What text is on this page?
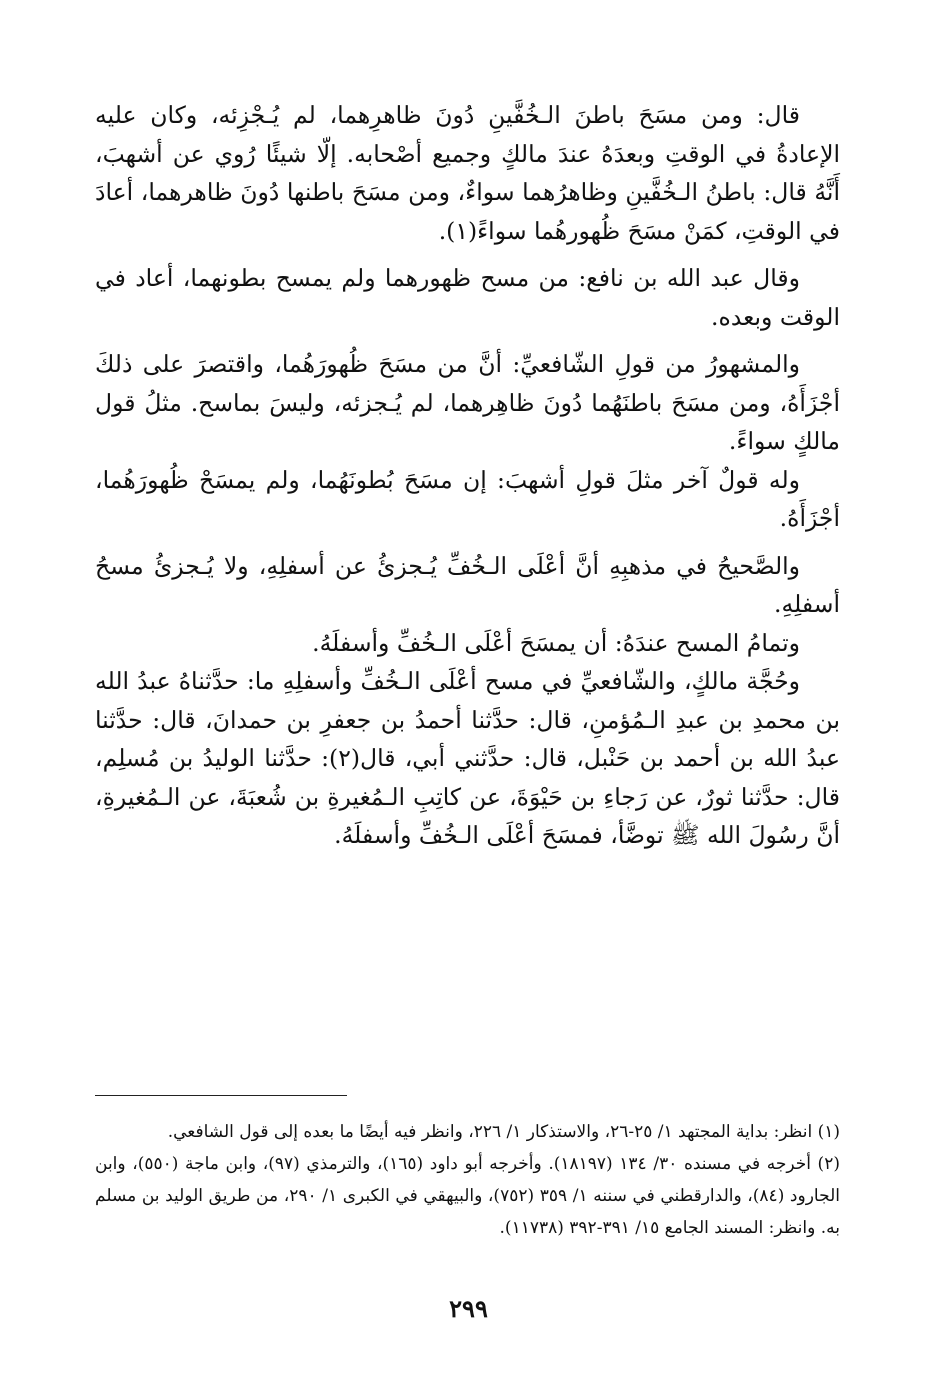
قال: ومن مسَحَ باطنَ الـخُفَّينِ دُونَ ظاهرِهما، لم يُـجْزِئه، وكان عليه الإعادةُ في الوقتِ وبعدَهُ عندَ مالكٍ وجميع أصْحابه. إلّا شيئًا رُوي عن أشهبَ، أَنَّهُ قال: باطنُ الـخُفَّينِ وظاهرُهما سواءٌ، ومن مسَحَ باطنها دُونَ ظاهرهما، أعادَ في الوقتِ، كمَنْ مسَحَ ظُهورهُما سواءً(١).

وقال عبد الله بن نافع: من مسح ظهورهما ولم يمسح بطونهما، أعاد في الوقت وبعده.

والمشهورُ من قولِ الشّافعيِّ: أنَّ من مسَحَ ظُهورَهُما، واقتصرَ على ذلكَ أجْزَأَهُ، ومن مسَحَ باطنَهُما دُونَ ظاهِرهما، لم يُـجزئه، وليسَ بماسح. مثلُ قول مالكٍ سواءً.

وله قولٌ آخر مثلَ قولِ أشهبَ: إن مسَحَ بُطونَهُما، ولم يمسَحْ ظُهورَهُما، أجْزَأَهُ.

والصَّحيحُ في مذهبِهِ أنَّ أعْلَى الـخُفِّ يُـجزئُ عن أسفلِهِ، ولا يُـجزئُ مسحُ أسفلِهِ.

وتمامُ المسح عندَهُ: أن يمسَحَ أعْلَى الـخُفِّ وأسفلَهُ.

وحُجَّة مالكٍ، والشّافعيِّ في مسح أعْلَى الـخُفِّ وأسفلِهِ ما: حدَّثناهُ عبدُ الله بن محمدِ بن عبدِ الـمُؤمنِ، قال: حدَّثنا أحمدُ بن جعفرِ بن حمدانَ، قال: حدَّثنا عبدُ الله بن أحمد بن حَنْبل، قال: حدَّثني أبي، قال(٢): حدَّثنا الوليدُ بن مُسلِم، قال: حدَّثنا ثورٌ، عن رَجاءِ بن حَيْوَةَ، عن كاتِبِ الـمُغيرةِ بن شُعبَةَ، عن الـمُغيرةِ، أنَّ رسُولَ الله ﷺ توضَّأ، فمسَحَ أعْلَى الـخُفِّ وأسفلَهُ.

(١) انظر: بداية المجتهد ١/ ٢٥-٢٦، والاستذكار ١/ ٢٢٦، وانظر فيه أيضًا ما بعده إلى قول الشافعي.

(٢) أخرجه في مسنده ٣٠/ ١٣٤ (١٨١٩٧). وأخرجه أبو داود (١٦٥)، والترمذي (٩٧)، وابن ماجة (٥٥٠)، وابن الجارود (٨٤)، والدارقطني في سننه ١/ ٣٥٩ (٧٥٢)، والبيهقي في الكبرى ١/ ٢٩٠، من طريق الوليد بن مسلم به. وانظر: المسند الجامع ١٥/ ٣٩١-٣٩٢ (١١٧٣٨).

٢٩٩
